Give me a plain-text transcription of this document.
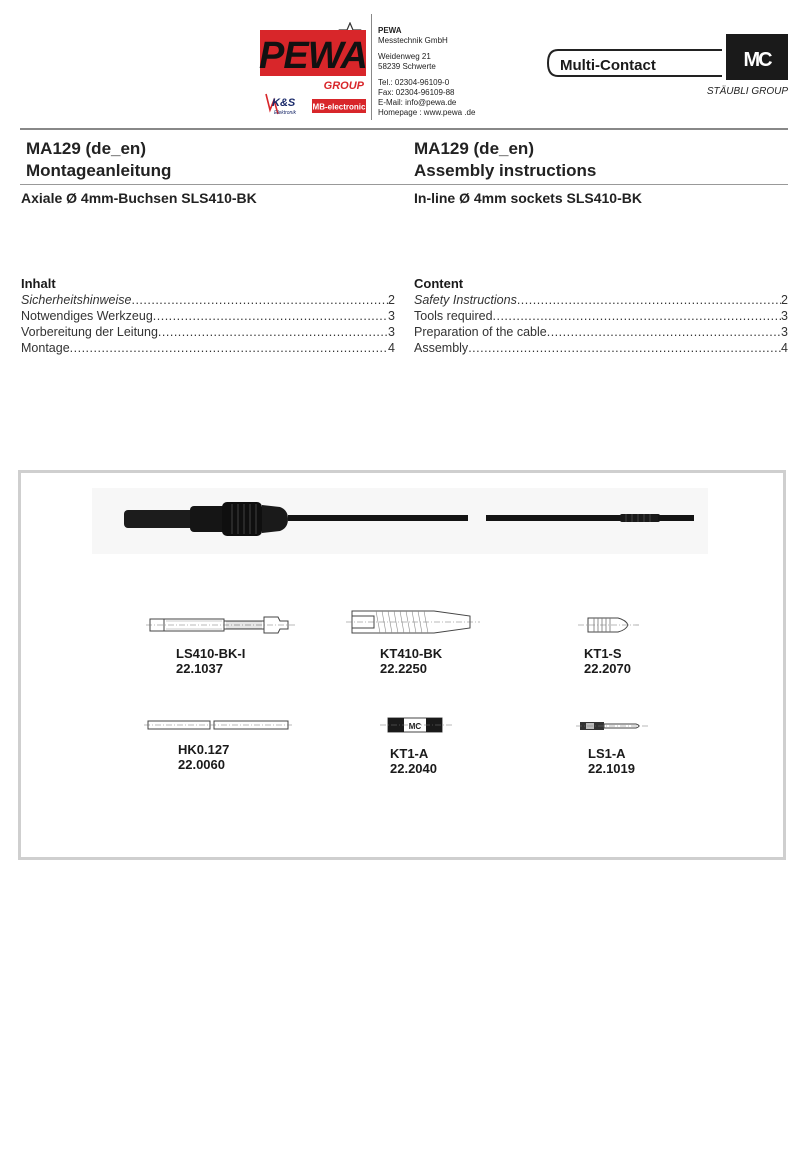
PEWA
GROUP
K&S
Elektronik
MB-electronic
PEWA
Messtechnik GmbH
Weidenweg 21
58239 Schwerte
Tel.: 02304-96109-0
Fax: 02304-96109-88
E-Mail: info@pewa.de
Homepage : www.pewa .de
Multi-Contact	MC
STÄUBLI GROUP
MA129 (de_en)
Montageanleitung
MA129 (de_en)
Assembly instructions
Axiale Ø 4mm-Buchsen SLS410-BK	In-line Ø 4mm sockets SLS410-BK
Inhalt
Sicherheitshinweise .....	2
Notwendiges Werkzeug .....	3
Vorbereitung der Leitung .....	3
Montage .....	4
Content
Safety Instructions .....	2
Tools required .....	3
Preparation of the cable .....	3
Assembly .....	4
LS410-BK-I
22.1037
KT410-BK
22.2250
KT1-S
22.2070
HK0.127
22.0060
MC
KT1-A
22.2040
LS1-A
22.1019
